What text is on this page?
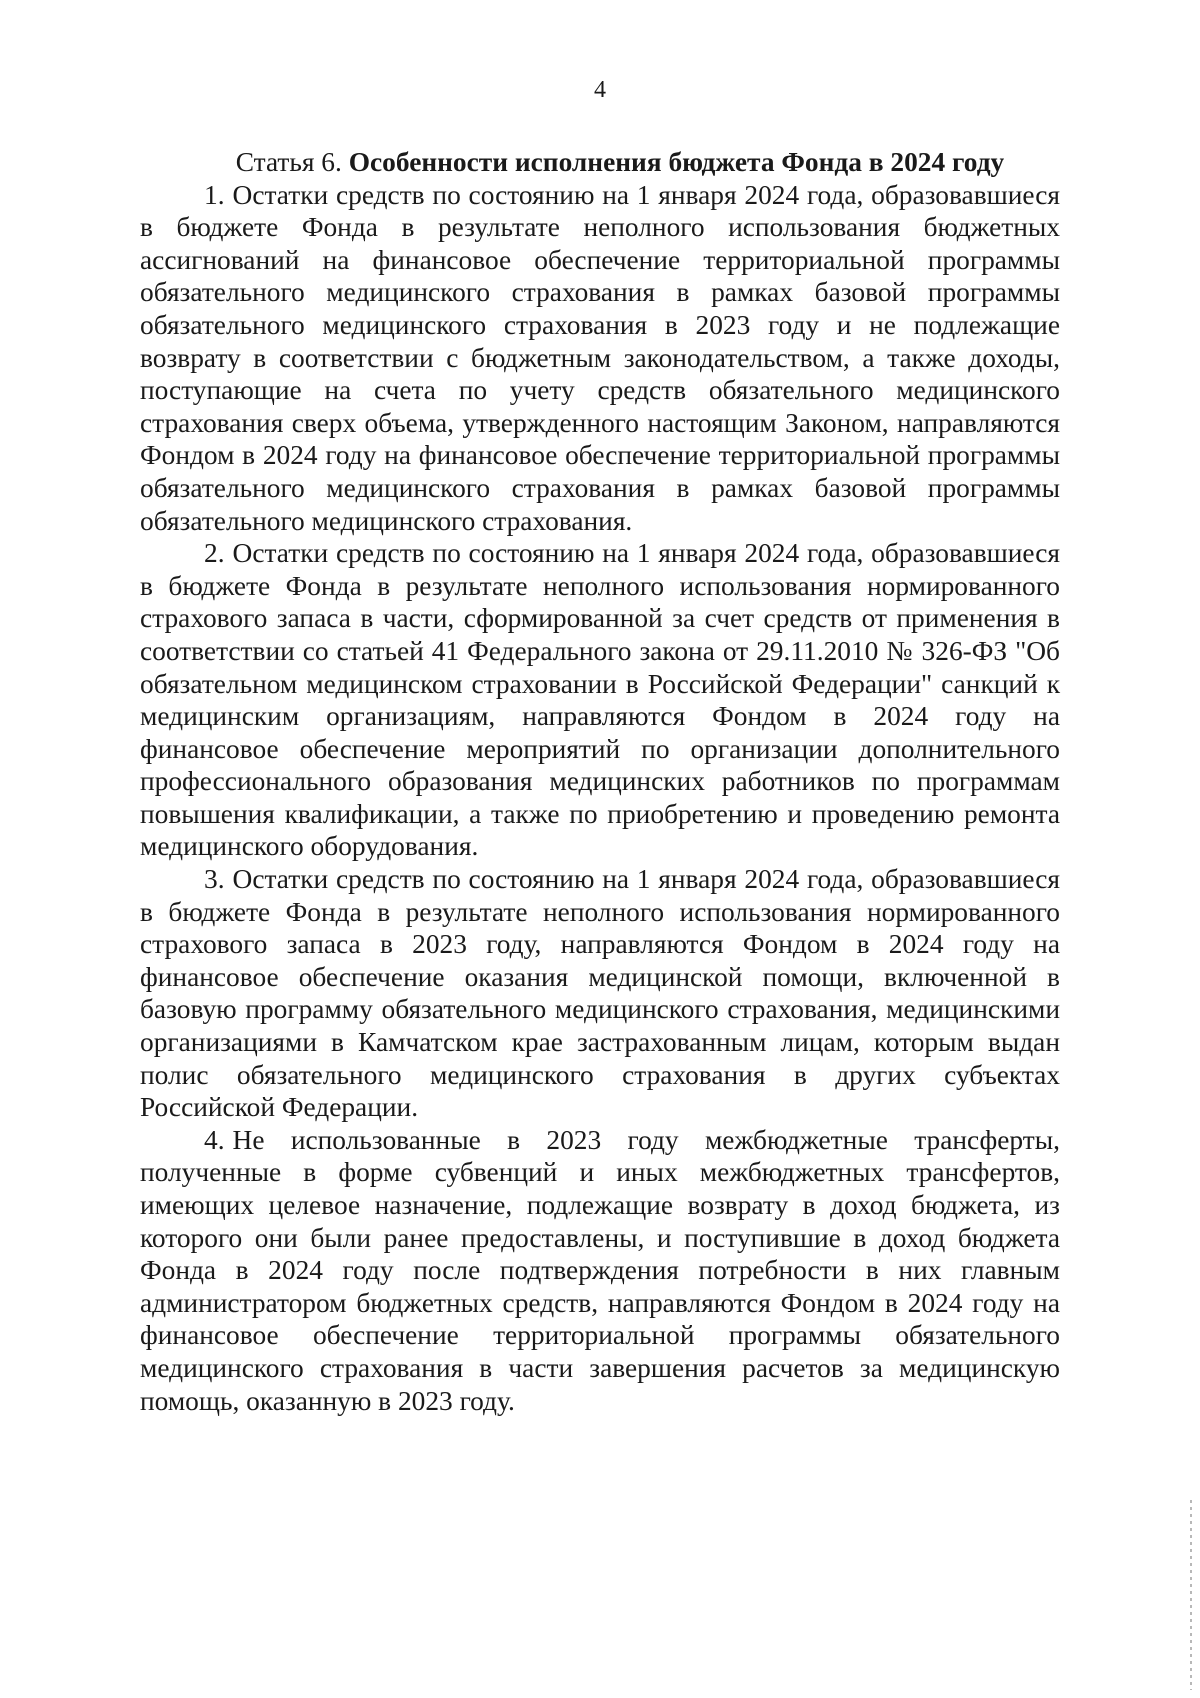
4
Статья 6. Особенности исполнения бюджета Фонда в 2024 году

1. Остатки средств по состоянию на 1 января 2024 года, образовавшиеся в бюджете Фонда в результате неполного использования бюджетных ассигнований на финансовое обеспечение территориальной программы обязательного медицинского страхования в рамках базовой программы обязательного медицинского страхования в 2023 году и не подлежащие возврату в соответствии с бюджетным законодательством, а также доходы, поступающие на счета по учету средств обязательного медицинского страхования сверх объема, утвержденного настоящим Законом, направляются Фондом в 2024 году на финансовое обеспечение территориальной программы обязательного медицинского страхования в рамках базовой программы обязательного медицинского страхования.

2. Остатки средств по состоянию на 1 января 2024 года, образовавшиеся в бюджете Фонда в результате неполного использования нормированного страхового запаса в части, сформированной за счет средств от применения в соответствии со статьей 41 Федерального закона от 29.11.2010 № 326-ФЗ "Об обязательном медицинском страховании в Российской Федерации" санкций к медицинским организациям, направляются Фондом в 2024 году на финансовое обеспечение мероприятий по организации дополнительного профессионального образования медицинских работников по программам повышения квалификации, а также по приобретению и проведению ремонта медицинского оборудования.

3. Остатки средств по состоянию на 1 января 2024 года, образовавшиеся в бюджете Фонда в результате неполного использования нормированного страхового запаса в 2023 году, направляются Фондом в 2024 году на финансовое обеспечение оказания медицинской помощи, включенной в базовую программу обязательного медицинского страхования, медицинскими организациями в Камчатском крае застрахованным лицам, которым выдан полис обязательного медицинского страхования в других субъектах Российской Федерации.

4. Не использованные в 2023 году межбюджетные трансферты, полученные в форме субвенций и иных межбюджетных трансфертов, имеющих целевое назначение, подлежащие возврату в доход бюджета, из которого они были ранее предоставлены, и поступившие в доход бюджета Фонда в 2024 году после подтверждения потребности в них главным администратором бюджетных средств, направляются Фондом в 2024 году на финансовое обеспечение территориальной программы обязательного медицинского страхования в части завершения расчетов за медицинскую помощь, оказанную в 2023 году.
